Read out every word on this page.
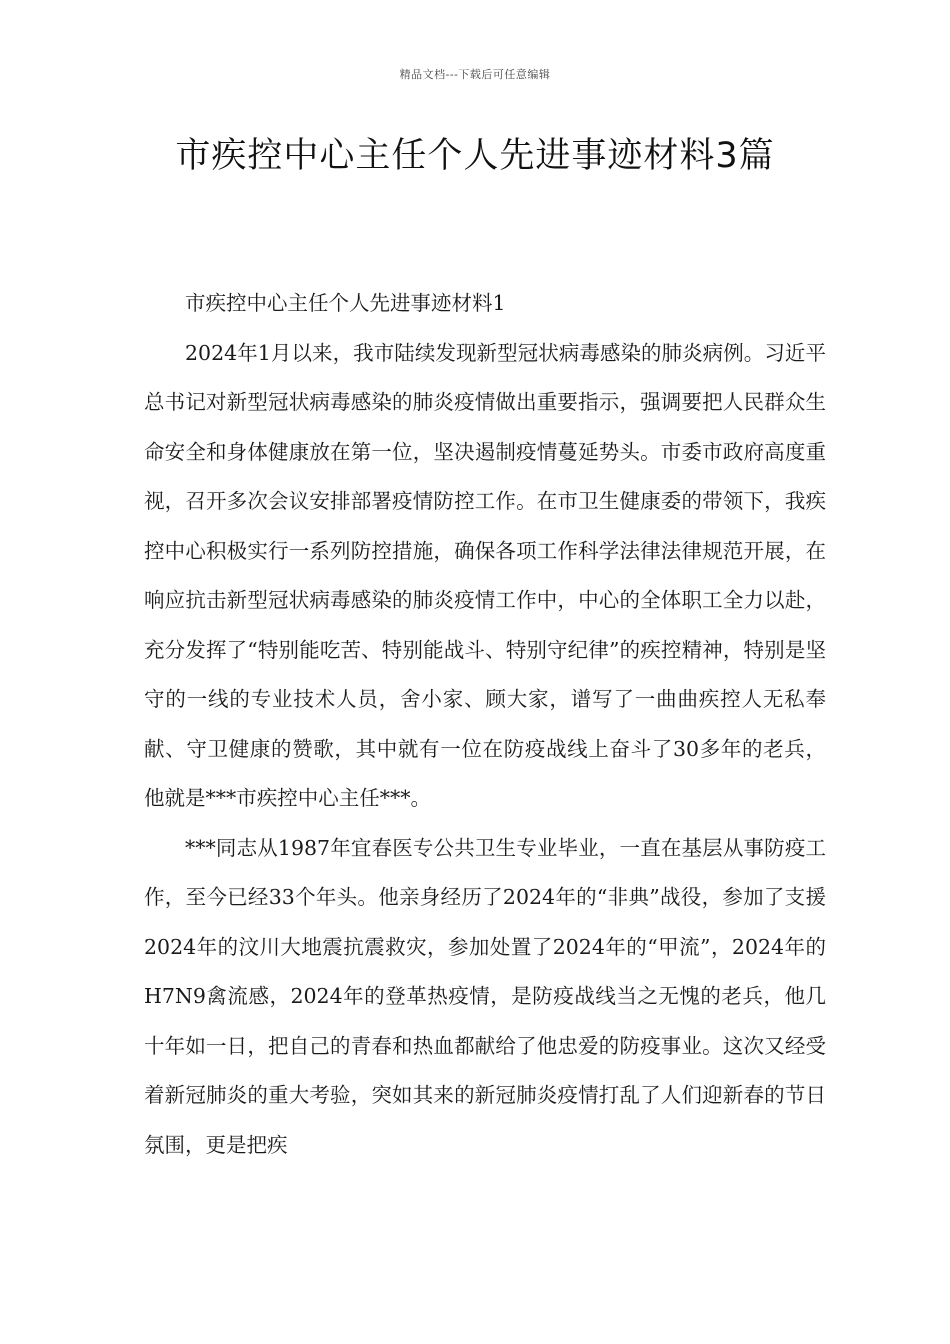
精品文档---下载后可任意编辑
市疾控中心主任个人先进事迹材料3篇

市疾控中心主任个人先进事迹材料1

2024年1月以来，我市陆续发现新型冠状病毒感染的肺炎病例。习近平总书记对新型冠状病毒感染的肺炎疫情做出重要指示，强调要把人民群众生命安全和身体健康放在第一位，坚决遏制疫情蔓延势头。市委市政府高度重视，召开多次会议安排部署疫情防控工作。在市卫生健康委的带领下，我疾控中心积极实行一系列防控措施，确保各项工作科学法律法律规范开展，在响应抗击新型冠状病毒感染的肺炎疫情工作中，中心的全体职工全力以赴，充分发挥了“特别能吃苦、特别能战斗、特别守纪律”的疾控精神，特别是坚守的一线的专业技术人员，舍小家、顾大家，谱写了一曲曲疾控人无私奉献、守卫健康的赞歌，其中就有一位在防疫战线上奋斗了30多年的老兵，他就是***市疾控中心主任***。

***同志从1987年宜春医专公共卫生专业毕业，一直在基层从事防疫工作，至今已经33个年头。他亲身经历了2024年的“非典”战役，参加了支援2024年的汶川大地震抗震救灾，参加处置了2024年的“甲流”，2024年的H7N9禽流感，2024年的登革热疫情，是防疫战线当之无愧的老兵，他几十年如一日，把自己的青春和热血都献给了他忠爱的防疫事业。这次又经受着新冠肺炎的重大考验，突如其来的新冠肺炎疫情打乱了人们迎新春的节日氛围，更是把疾
